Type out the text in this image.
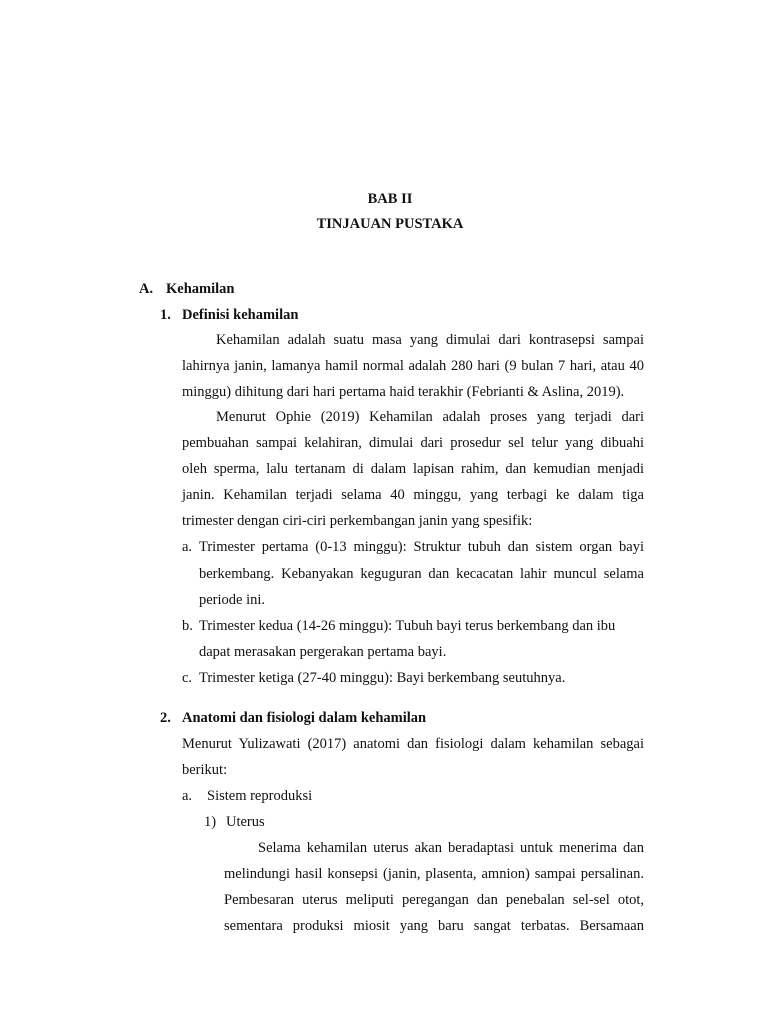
BAB II
TINJAUAN PUSTAKA
A. Kehamilan
1. Definisi kehamilan
Kehamilan adalah suatu masa yang dimulai dari kontrasepsi sampai
lahirnya janin, lamanya hamil normal adalah 280 hari (9 bulan 7 hari, atau 40
minggu) dihitung dari hari pertama haid terakhir (Febrianti & Aslina, 2019).
Menurut Ophie (2019) Kehamilan adalah proses yang terjadi dari
pembuahan sampai kelahiran, dimulai dari prosedur sel telur yang dibuahi
oleh sperma, lalu tertanam di dalam lapisan rahim, dan kemudian menjadi
janin. Kehamilan terjadi selama 40 minggu, yang terbagi ke dalam tiga
trimester dengan ciri-ciri perkembangan janin yang spesifik:
a. Trimester pertama (0-13 minggu): Struktur tubuh dan sistem organ bayi
berkembang. Kebanyakan keguguran dan kecacatan lahir muncul selama
periode ini.
b. Trimester kedua (14-26 minggu): Tubuh bayi terus berkembang dan ibu
dapat merasakan pergerakan pertama bayi.
c. Trimester ketiga (27-40 minggu): Bayi berkembang seutuhnya.
2. Anatomi dan fisiologi dalam kehamilan
Menurut Yulizawati (2017) anatomi dan fisiologi dalam kehamilan sebagai
berikut:
a. Sistem reproduksi
1) Uterus
Selama kehamilan uterus akan beradaptasi untuk menerima dan
melindungi hasil konsepsi (janin, plasenta, amnion) sampai persalinan.
Pembesaran uterus meliputi peregangan dan penebalan sel-sel otot,
sementara produksi miosit yang baru sangat terbatas. Bersamaan
